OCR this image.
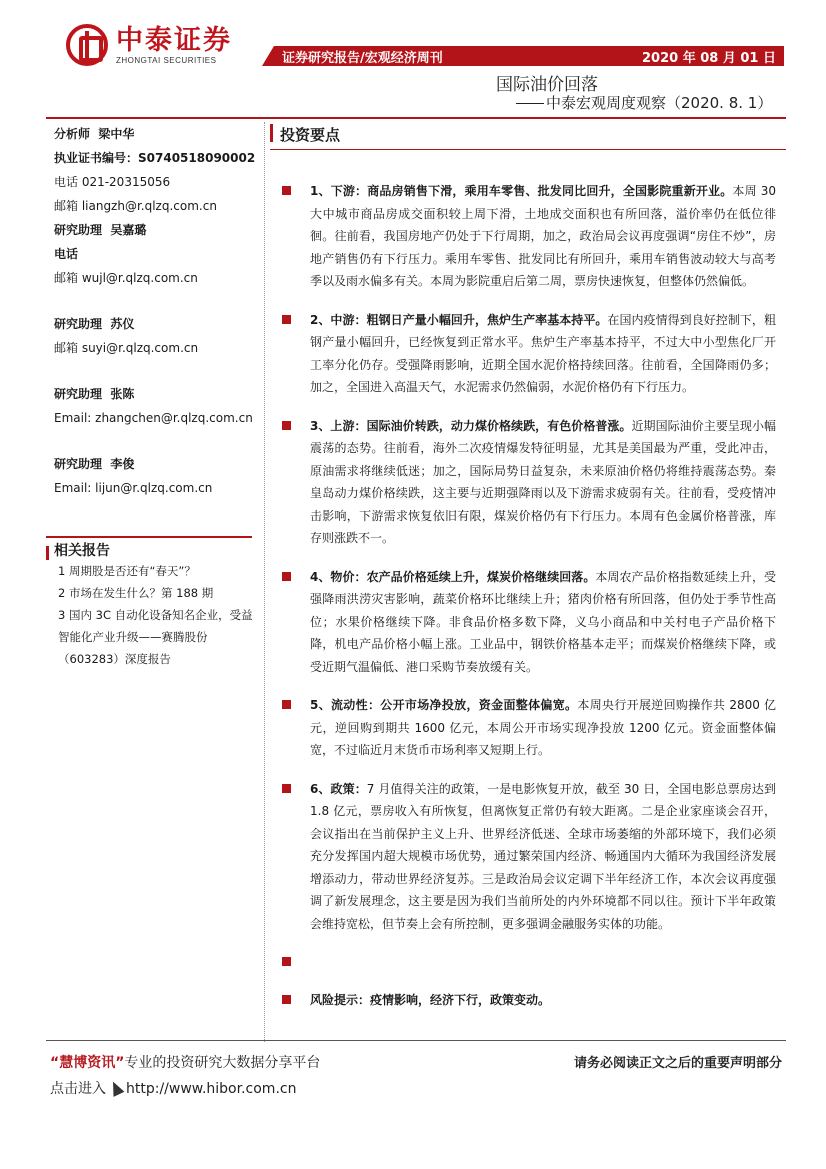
中泰证券
ZHONGTAI SECURITIES	证券研究报告/宏观经济周刊	2020 年 08 月 01 日
国际油价回落
中泰宏观周度观察（2020. 8. 1）
分析师 梁中华
执业证书编号：S0740518090002
电话 021-20315056
邮箱 liangzh@r.qlzq.com.cn
研究助理 吴嘉璐
电话
邮箱 wujl@r.qlzq.com.cn
研究助理 苏仪
邮箱 suyi@r.qlzq.com.cn
研究助理 张陈
Email: zhangchen@r.qlzq.com.cn
研究助理 李俊
Email: lijun@r.qlzq.com.cn
相关报告
1 周期股是否还有“春天”？
2 市场在发生什么？第 188 期
3 国内 3C 自动化设备知名企业，受益智能化产业升级——赛腾股份（603283）深度报告
投资要点
1、下游：商品房销售下滑，乘用车零售、批发同比回升，全国影院重新开业。本周 30 大中城市商品房成交面积较上周下滑，土地成交面积也有所回落，溢价率仍在低位徘徊。往前看，我国房地产仍处于下行周期，加之，政治局会议再度强调“房住不炒”，房地产销售仍有下行压力。乘用车零售、批发同比有所回升，乘用车销售波动较大与高考季以及雨水偏多有关。本周为影院重启后第二周，票房快速恢复，但整体仍然偏低。
2、中游：粗钢日产量小幅回升，焦炉生产率基本持平。在国内疫情得到良好控制下，粗钢产量小幅回升，已经恢复到正常水平。焦炉生产率基本持平，不过大中小型焦化厂开工率分化仍存。受强降雨影响，近期全国水泥价格持续回落。往前看，全国降雨仍多；加之，全国进入高温天气，水泥需求仍然偏弱，水泥价格仍有下行压力。
3、上游：国际油价转跌，动力煤价格续跌，有色价格普涨。近期国际油价主要呈现小幅震荡的态势。往前看，海外二次疫情爆发特征明显，尤其是美国最为严重，受此冲击，原油需求将继续低迷；加之，国际局势日益复杂，未来原油价格仍将维持震荡态势。秦皇岛动力煤价格续跌，这主要与近期强降雨以及下游需求疲弱有关。往前看，受疫情冲击影响，下游需求恢复依旧有限，煤炭价格仍有下行压力。本周有色金属价格普涨，库存则涨跌不一。
4、物价：农产品价格延续上升，煤炭价格继续回落。本周农产品价格指数延续上升，受强降雨洪涝灾害影响，蔬菜价格环比继续上升；猪肉价格有所回落，但仍处于季节性高位；水果价格继续下降。非食品价格多数下降，义乌小商品和中关村电子产品价格下降，机电产品价格小幅上涨。工业品中，钢铁价格基本走平；而煤炭价格继续下降，或受近期气温偏低、港口采购节奏放缓有关。
5、流动性：公开市场净投放，资金面整体偏宽。本周央行开展逆回购操作共 2800 亿元，逆回购到期共 1600 亿元，本周公开市场实现净投放 1200 亿元。资金面整体偏宽，不过临近月末货币市场利率又短期上行。
6、政策：7 月值得关注的政策，一是电影恢复开放，截至 30 日，全国电影总票房达到 1.8 亿元，票房收入有所恢复，但离恢复正常仍有较大距离。二是企业家座谈会召开，会议指出在当前保护主义上升、世界经济低迷、全球市场萎缩的外部环境下，我们必须充分发挥国内超大规模市场优势，通过繁荣国内经济、畅通国内大循环为我国经济发展增添动力，带动世界经济复苏。三是政治局会议定调下半年经济工作，本次会议再度强调了新发展理念，这主要是因为我们当前所处的内外环境都不同以往。预计下半年政策会维持宽松，但节奏上会有所控制，更多强调金融服务实体的功能。
风险提示：疫情影响，经济下行，政策变动。
“慧博资讯”专业的投资研究大数据分享平台
点击进入 http://www.hibor.com.cn
请务必阅读正文之后的重要声明部分
